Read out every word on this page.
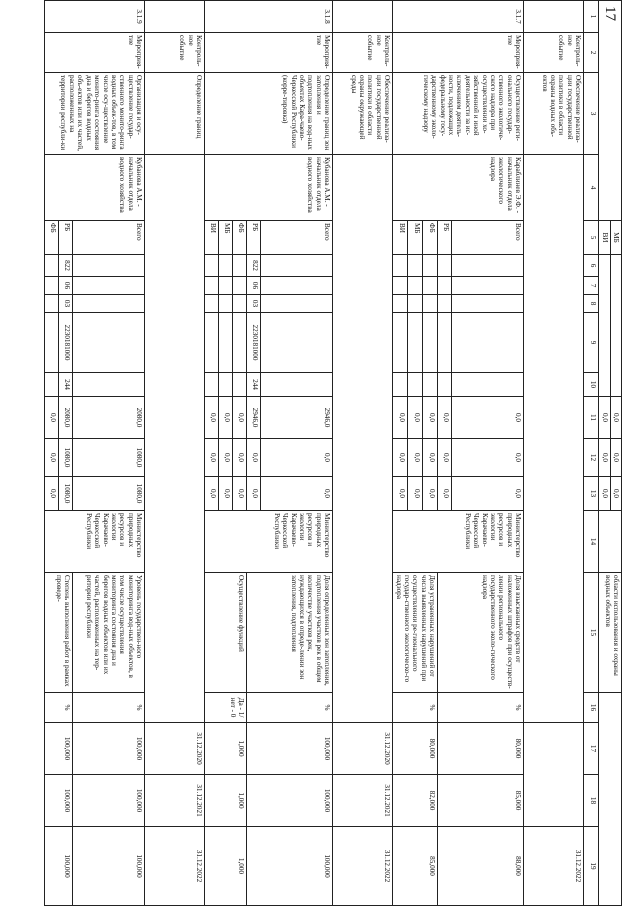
17
				МБ						0,0	0,0	0,0		области использования и охраны водных объектов				
				ВИ						0,0	0,0	0,0						
1	2	3	4	5	6	7	8	9	10	11	12	13	14	15	16	17	18	19
	Контроль-ное событие	Обеспечение реализа-ции государственной политики в области охраны водных объ-ектов																31.12.2022
3.1.7	Мероприя-тие	Осуществление реги-онального государ-ственного экологиче-ского надзора при осуществлении хо-зяйственной и иной деятельности за ис-ключением деятель-ности, подлежащих федеральному госу-дарственному эколо-гическому надзору	Караблинев Э.Ф. - начальник отдела экологического надзора	Всего						0,0	0,0	0,0	Министерство природных ресурсов и экологии Карачаево-Черкесской Республики	Доля взысканных средств от наложенных штрафов при осуществ-лении регионального государственного эколо-гического надзора	%	80,000	85,000	88,000
				РБ						0,0	0,0	0,0						
				ФБ						0,0	0,0	0,0		Доля устраненных нарушений от числа выявленных нарушений при осуществлении ре-гионального государ-ственного экологическо-го надзора	%	80,000	82,000	85,000
				МБ						0,0	0,0	0,0						
				ВИ						0,0	0,0	0,0						
	Контроль-ное событие	Обеспечение реализа-ции государственной политики в области охраны окружающей среды														31.12.2020	31.12.2021	31.12.2022
3.1.8	Мероприя-тие	Определение границ зон затопления и подтопления на вод-ных объектах Кара-чаево-Черкесской Республики (корре-тировка)	Кубанова А.М. - начальник отдела водного хозяйства	Всего						2946,0	0,0	0,0	Министерство природных ресурсов и экологии Карачаево-Черкесской Республики	Доля определенных зон затопления, подтопления участков рек в общем количестве участков рек, нуждающихся в опреде-лении зон затопления, подтопления	%	100,000	100,000	100,000
				РБ	822	06	03	2230181000	244	2946,0	0,0	0,0						
				ФБ						0,0	0,0	0,0		Осуществление функций	Да - 1/ нет - 0	1,000	1,000	1,000
				МБ						0,0	0,0	0,0						
				ВИ						0,0	0,0	0,0						
	Контроль-ное событие	Определение границ														31.12.2020	31.12.2021	31.12.2022
3.1.9	Мероприя-тие	Организация и осу-ществление государ-ственного монито-ринга водных объек-тов, в том числе осу-ществление монито-ринга состояния дна и берегов водных объ-ектов или их частей, расположенных на территории республи-ки	Кубанова А.М. - начальник отдела водного хозяйства	Всего						2080,0	1080,0	1080,0	Министерство природных ресурсов и экологии Карачаево-Черкесской Республики	Уровень государствен-ного мониторинга вод-ных объектов, в том числе осуществления мониторинга состояния дна и берегов водных объектов или их частей, расположенных на тер-ритории республики	%	100,000	100,000	100,000
				РБ	822	06	03	2230181000	244	2080,0	1080,0	1080,0		Степень выполнения работ в рамках проведе-	%	100,000	100,000	100,000
				ФБ						0,0	0,0	0,0						
